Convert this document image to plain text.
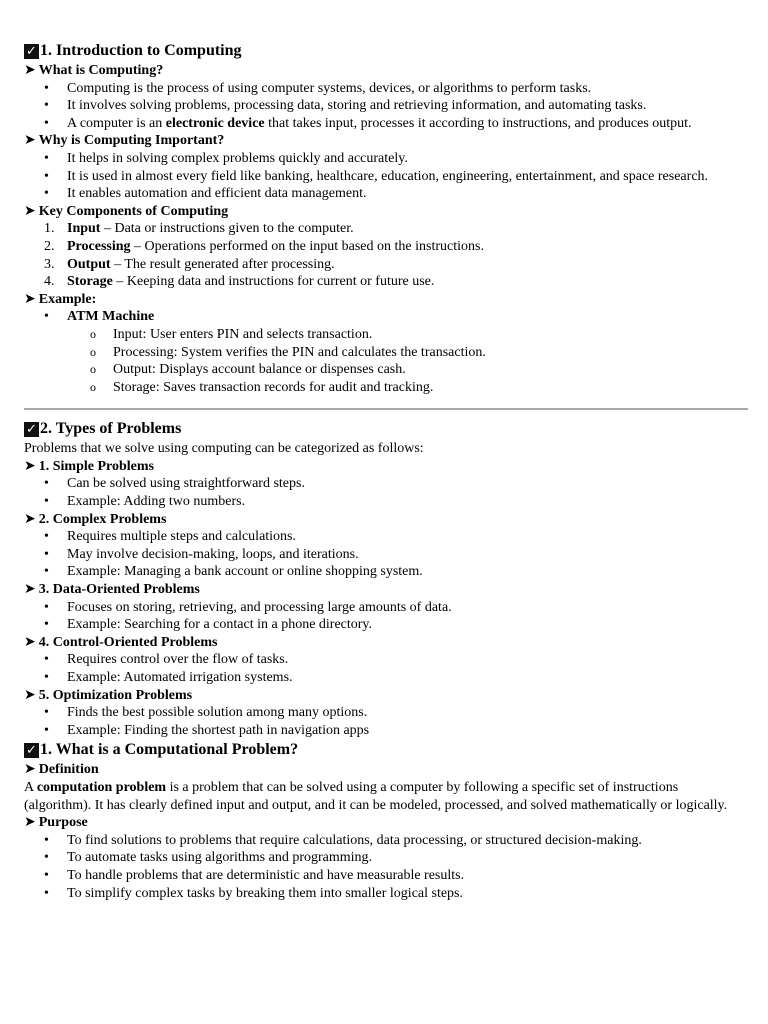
✓ 1. Introduction to Computing

➤ What is Computing?

• Computing is the process of using computer systems, devices, or algorithms to perform tasks.
• It involves solving problems, processing data, storing and retrieving information, and automating tasks.
• A computer is an electronic device that takes input, processes it according to instructions, and produces output.

➤ Why is Computing Important?

• It helps in solving complex problems quickly and accurately.
• It is used in almost every field like banking, healthcare, education, engineering, entertainment, and space research.
• It enables automation and efficient data management.

➤ Key Components of Computing

1. Input – Data or instructions given to the computer.
2. Processing – Operations performed on the input based on the instructions.
3. Output – The result generated after processing.
4. Storage – Keeping data and instructions for current or future use.

➤ Example:

• ATM Machine
o Input: User enters PIN and selects transaction.
o Processing: System verifies the PIN and calculates the transaction.
o Output: Displays account balance or dispenses cash.
o Storage: Saves transaction records for audit and tracking.
✓ 2. Types of Problems

Problems that we solve using computing can be categorized as follows:

➤ 1. Simple Problems

• Can be solved using straightforward steps.
• Example: Adding two numbers.

➤ 2. Complex Problems

• Requires multiple steps and calculations.
• May involve decision-making, loops, and iterations.
• Example: Managing a bank account or online shopping system.

➤ 3. Data-Oriented Problems

• Focuses on storing, retrieving, and processing large amounts of data.
• Example: Searching for a contact in a phone directory.

➤ 4. Control-Oriented Problems

• Requires control over the flow of tasks.
• Example: Automated irrigation systems.

➤ 5. Optimization Problems

• Finds the best possible solution among many options.
• Example: Finding the shortest path in navigation apps
✓ 1. What is a Computational Problem?

➤ Definition

A computation problem is a problem that can be solved using a computer by following a specific set of instructions (algorithm). It has clearly defined input and output, and it can be modeled, processed, and solved mathematically or logically.

➤ Purpose

• To find solutions to problems that require calculations, data processing, or structured decision-making.
• To automate tasks using algorithms and programming.
• To handle problems that are deterministic and have measurable results.
• To simplify complex tasks by breaking them into smaller logical steps.
